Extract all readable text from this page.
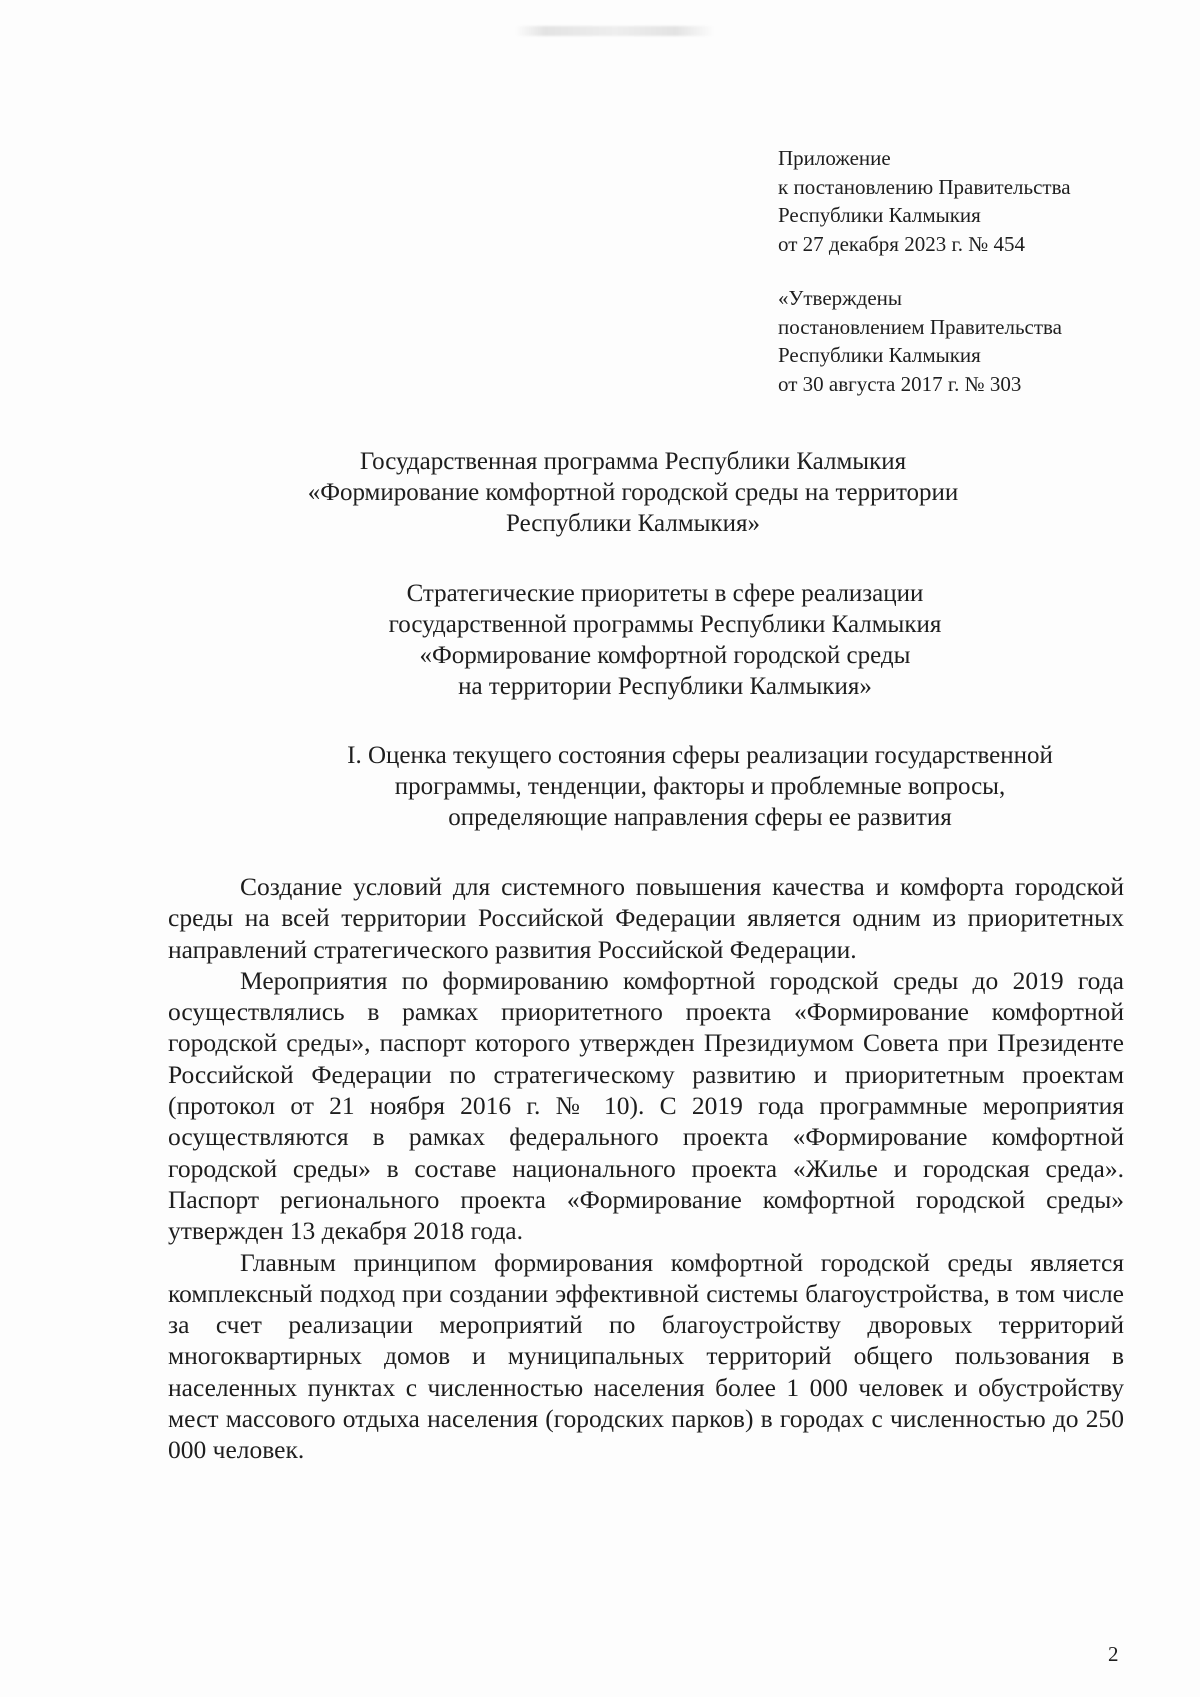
Приложение
к постановлению Правительства
Республики Калмыкия
от 27 декабря 2023 г. № 454
«Утверждены
постановлением Правительства
Республики Калмыкия
от 30 августа 2017 г. № 303
Государственная программа Республики Калмыкия
«Формирование комфортной городской среды на территории
Республики Калмыкия»
Стратегические приоритеты в сфере реализации
государственной программы Республики Калмыкия
«Формирование комфортной городской среды
на территории Республики Калмыкия»
I. Оценка текущего состояния сферы реализации государственной
программы, тенденции, факторы и проблемные вопросы,
определяющие направления сферы ее развития

Создание условий для системного повышения качества и комфорта городской среды на всей территории Российской Федерации является одним из приоритетных направлений стратегического развития Российской Федерации.

Мероприятия по формированию комфортной городской среды до 2019 года осуществлялись в рамках приоритетного проекта «Формирование комфортной городской среды», паспорт которого утвержден Президиумом Совета при Президенте Российской Федерации по стратегическому развитию и приоритетным проектам (протокол от 21 ноября 2016 г. № 10). С 2019 года программные мероприятия осуществляются в рамках федерального проекта «Формирование комфортной городской среды» в составе национального проекта «Жилье и городская среда». Паспорт регионального проекта «Формирование комфортной городской среды» утвержден 13 декабря 2018 года.

Главным принципом формирования комфортной городской среды является комплексный подход при создании эффективной системы благоустройства, в том числе за счет реализации мероприятий по благоустройству дворовых территорий многоквартирных домов и муниципальных территорий общего пользования в населенных пунктах с численностью населения более 1 000 человек и обустройству мест массового отдыха населения (городских парков) в городах с численностью до 250 000 человек.

2
